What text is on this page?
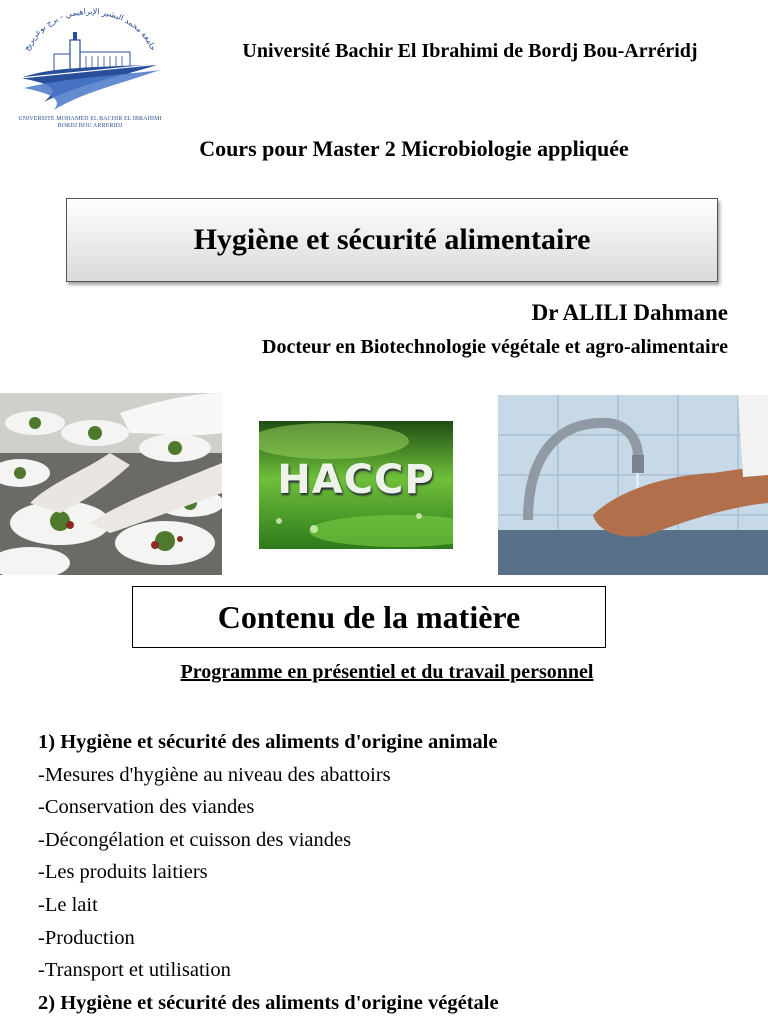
جامعة محمد البشير الإبراهيمي - برج بوعريريج
UNIVERSITE MOHAMED EL BACHIR EL IBRAHIMI
BORDJ BOU ARRERIDJ
Université Bachir El Ibrahimi de Bordj Bou-Arréridj
Cours pour Master 2 Microbiologie appliquée
Hygiène et sécurité alimentaire
Dr ALILI Dahmane
Docteur en Biotechnologie végétale et agro-alimentaire
HACCP
Contenu de la matière
Programme en présentiel et du travail personnel
1) Hygiène et sécurité des aliments d'origine animale
-Mesures d'hygiène au niveau des abattoirs
-Conservation des viandes
-Décongélation et cuisson des viandes
-Les produits laitiers
-Le lait
-Production
-Transport et utilisation
2) Hygiène et sécurité des aliments d'origine végétale
